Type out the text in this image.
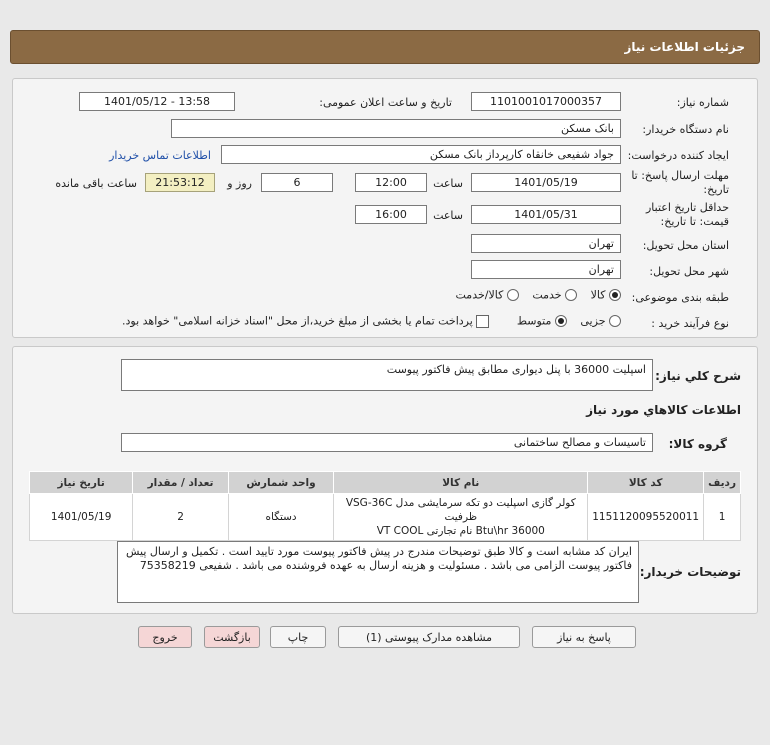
جزئیات اطلاعات نیاز
شماره نیاز:
1101001017000357
تاریخ و ساعت اعلان عمومی:
1401/05/12 - 13:58
نام دستگاه خریدار:
بانک مسکن
ایجاد کننده درخواست:
جواد شفیعی خانقاه کارپرداز بانک مسکن
اطلاعات تماس خریدار
مهلت ارسال پاسخ: تا
تاریخ:
1401/05/19
ساعت
12:00
6
روز و
21:53:12
ساعت باقی مانده
حداقل تاریخ اعتبار
قیمت: تا تاریخ:
1401/05/31
ساعت
16:00
استان محل تحویل:
تهران
شهر محل تحویل:
تهران
طبقه بندی موضوعی:
کالا  خدمت  کالا/خدمت
نوع فرآیند خرید :
جزیی  متوسط  پرداخت تمام یا بخشی از مبلغ خرید،از محل "اسناد خزانه اسلامی" خواهد بود.
شرح کلي نياز:
اسپلیت 36000 با پنل دیواری مطابق پیش فاکتور پیوست
اطلاعات کالاهاي مورد نياز
گروه کالا:
تاسیسات و مصالح ساختمانی
ردیف	کد کالا	نام کالا	واحد شمارش	تعداد / مقدار	تاریخ نیاز
1	1151120095520011	کولر گازی اسپلیت دو تکه سرمایشی مدل VSG-36C ظرفیت
36000 Btu\hr نام تجارتی VT COOL	دستگاه	2	1401/05/19
توضیحات خریدار:
ایران کد مشابه است و کالا طبق توضیحات مندرج در پیش فاکتور پیوست مورد تایید است . تکمیل و ارسال پیش فاکتور پیوست الزامی می باشد . مسئولیت و هزینه ارسال به عهده فروشنده می باشد . شفیعی 75358219
پاسخ به نیاز
مشاهده مدارک پیوستی (1)
چاپ
بازگشت
خروج
